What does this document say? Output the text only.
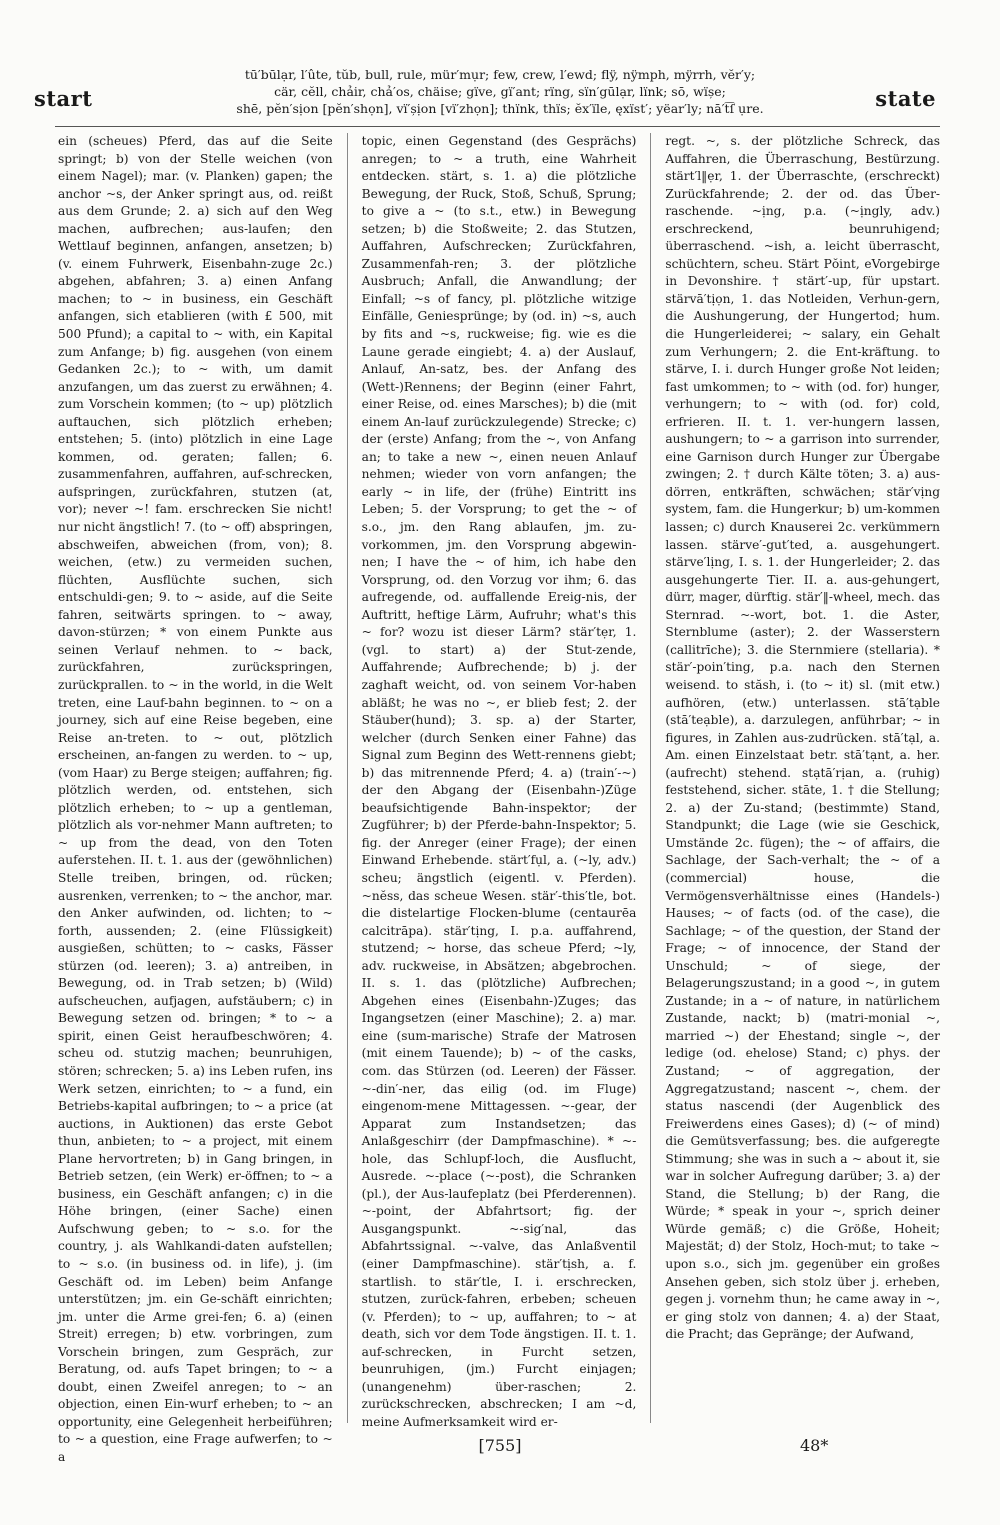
start
tū′būlạr, l′ûte, tŭb, bull, rule, mür′mụr; few, crew, l′ewd; flÿ, nÿmph, mÿrrh, vĕr′y;
cär, cĕll, chảir, chả′os, chäise; gïve, gï′ant; rïng, sïn′gūlạr, lïnk; sō, wïșe;
shē, pĕn′sịon [pĕn′shọn], vï′șịon [vï′zhọn]; thïnk, thïs; ĕx′ïle, ęxïst′; yëar′ly; nā′t͡ſ ụre.	state

ein (scheues) Pferd, das auf die Seite springt; b) von der Stelle weichen (von einem Nagel); mar. (v. Planken) gapen; the anchor ~s, der Anker springt aus, od. reißt aus dem Grunde; 2. a) sich auf den Weg machen, aufbrechen; aus-laufen; den Wettlauf beginnen, anfangen, ansetzen; b) (v. einem Fuhrwerk, Eisenbahn-zuge 2c.) abgehen, abfahren; 3. a) einen Anfang machen; to ~ in business, ein Geschäft anfangen, sich etablieren (with £ 500, mit 500 Pfund); a capital to ~ with, ein Kapital zum Anfange; b) fig. ausgehen (von einem Gedanken 2c.); to ~ with, um damit anzufangen, um das zuerst zu erwähnen; 4. zum Vorschein kommen; (to ~ up) plötzlich auftauchen, sich plötzlich erheben; entstehen; 5. (into) plötzlich in eine Lage kommen, od. geraten; fallen; 6. zusammenfahren, auffahren, auf-schrecken, aufspringen, zurückfahren, stutzen (at, vor); never ~! fam. erschrecken Sie nicht! nur nicht ängstlich! 7. (to ~ off) abspringen, abschweifen, abweichen (from, von); 8. weichen, (etw.) zu vermeiden suchen, flüchten, Ausflüchte suchen, sich entschuldi-gen; 9. to ~ aside, auf die Seite fahren, seitwärts springen. to ~ away, davon-stürzen; * von einem Punkte aus seinen Verlauf nehmen. to ~ back, zurückfahren, zurückspringen, zurückprallen. to ~ in the world, in die Welt treten, eine Lauf-bahn beginnen. to ~ on a journey, sich auf eine Reise begeben, eine Reise an-treten. to ~ out, plötzlich erscheinen, an-fangen zu werden. to ~ up, (vom Haar) zu Berge steigen; auffahren; fig. plötzlich werden, od. entstehen, sich plötzlich erheben; to ~ up a gentleman, plötzlich als vor-nehmer Mann auftreten; to ~ up from the dead, von den Toten auferstehen. II. t. 1. aus der (gewöhnlichen) Stelle treiben, bringen, od. rücken; ausrenken, verrenken; to ~ the anchor, mar. den Anker aufwinden, od. lichten; to ~ forth, aussenden; 2. (eine Flüssigkeit) ausgießen, schütten; to ~ casks, Fässer stürzen (od. leeren); 3. a) antreiben, in Bewegung, od. in Trab setzen; b) (Wild) aufscheuchen, aufjagen, aufstäubern; c) in Bewegung setzen od. bringen; * to ~ a spirit, einen Geist heraufbeschwören; 4. scheu od. stutzig machen; beunruhigen, stören; schrecken; 5. a) ins Leben rufen, ins Werk setzen, einrichten; to ~ a fund, ein Betriebs-kapital aufbringen; to ~ a price (at auctions, in Auktionen) das erste Gebot thun, anbieten; to ~ a project, mit einem Plane hervortreten; b) in Gang bringen, in Betrieb setzen, (ein Werk) er-öffnen; to ~ a business, ein Geschäft anfangen; c) in die Höhe bringen, (einer Sache) einen Aufschwung geben; to ~ s.o. for the country, j. als Wahlkandi-daten aufstellen; to ~ s.o. (in business od. in life), j. (im Geschäft od. im Leben) beim Anfange unterstützen; jm. ein Ge-schäft einrichten; jm. unter die Arme grei-fen; 6. a) (einen Streit) erregen; b) etw. vorbringen, zum Vorschein bringen, zum Gespräch, zur Beratung, od. aufs Tapet bringen; to ~ a doubt, einen Zweifel anregen; to ~ an objection, einen Ein-wurf erheben; to ~ an opportunity, eine Gelegenheit herbeiführen; to ~ a question, eine Frage aufwerfen; to ~ a

topic, einen Gegenstand (des Gesprächs) anregen; to ~ a truth, eine Wahrheit entdecken. stärt, s. 1. a) die plötzliche Bewegung, der Ruck, Stoß, Schuß, Sprung; to give a ~ (to s.t., etw.) in Bewegung setzen; b) die Stoßweite; 2. das Stutzen, Auffahren, Aufschrecken; Zurückfahren, Zusammenfah-ren; 3. der plötzliche Ausbruch; Anfall, die Anwandlung; der Einfall; ~s of fancy, pl. plötzliche witzige Einfälle, Geniesprünge; by (od. in) ~s, auch by fits and ~s, ruckweise; fig. wie es die Laune gerade eingiebt; 4. a) der Auslauf, Anlauf, An-satz, bes. der Anfang des (Wett-)Rennens; der Beginn (einer Fahrt, einer Reise, od. eines Marsches); b) die (mit einem An-lauf zurückzulegende) Strecke; c) der (erste) Anfang; from the ~, von Anfang an; to take a new ~, einen neuen Anlauf nehmen; wieder von vorn anfangen; the early ~ in life, der (frühe) Eintritt ins Leben; 5. der Vorsprung; to get the ~ of s.o., jm. den Rang ablaufen, jm. zu-vorkommen, jm. den Vorsprung abgewin-nen; I have the ~ of him, ich habe den Vorsprung, od. den Vorzug vor ihm; 6. das aufregende, od. auffallende Ereig-nis, der Auftritt, heftige Lärm, Aufruhr; what's this ~ for? wozu ist dieser Lärm? stär′tẹr, 1. (vgl. to start) a) der Stut-zende, Auffahrende; Aufbrechende; b) j. der zaghaft weicht, od. von seinem Vor-haben abläßt; he was no ~, er blieb fest; 2. der Stäuber(hund); 3. sp. a) der Starter, welcher (durch Senken einer Fahne) das Signal zum Beginn des Wett-rennens giebt; b) das mitrennende Pferd; 4. a) (train′-~) der den Abgang der (Eisenbahn-)Züge beaufsichtigende Bahn-inspektor; der Zugführer; b) der Pferde-bahn-Inspektor; 5. fig. der Anreger (einer Frage); der einen Einwand Erhebende. stärt′fụl, a. (~ly, adv.) scheu; ängstlich (eigentl. v. Pferden). ~nĕss, das scheue Wesen. stär′-this′tle, bot. die distelartige Flocken-blume (centaurēa calcitrāpa). stär′tịng, I. p.a. auffahrend, stutzend; ~ horse, das scheue Pferd; ~ly, adv. ruckweise, in Absätzen; abgebrochen. II. s. 1. das (plötzliche) Aufbrechen; Abgehen eines (Eisenbahn-)Zuges; das Ingangsetzen (einer Maschine); 2. a) mar. eine (sum-marische) Strafe der Matrosen (mit einem Tauende); b) ~ of the casks, com. das Stürzen (od. Leeren) der Fässer. ~-din′-ner, das eilig (od. im Fluge) eingenom-mene Mittagessen. ~-gear, der Apparat zum Instandsetzen; das Anlaßgeschirr (der Dampfmaschine). * ~-hole, das Schlupf-loch, die Ausflucht, Ausrede. ~-place (~-post), die Schranken (pl.), der Aus-laufeplatz (bei Pferderennen). ~-point, der Abfahrtsort; fig. der Ausgangspunkt. ~-sig′nal, das Abfahrtssignal. ~-valve, das Anlaßventil (einer Dampfmaschine). stär′tịsh, a. f. startlish. to stär′tle, I. i. erschrecken, stutzen, zurück-fahren, erbeben; scheuen (v. Pferden); to ~ up, auffahren; to ~ at death, sich vor dem Tode ängstigen. II. t. 1. auf-schrecken, in Furcht setzen, beunruhigen, (jm.) Furcht einjagen; (unangenehm) über-raschen; 2. zurückschrecken, abschrecken; I am ~d, meine Aufmerksamkeit wird er-

regt. ~, s. der plötzliche Schreck, das Auffahren, die Überraschung, Bestürzung. stärt′l‖ẹr, 1. der Überraschte, (erschreckt) Zurückfahrende; 2. der od. das Über-raschende. ~ịng, p.a. (~ịngly, adv.) erschreckend, beunruhigend; überraschend. ~ish, a. leicht überrascht, schüchtern, scheu. Stärt Pŏint, eVorgebirge in Devonshire. † stärt′-up, für upstart. stärvā′tịọn, 1. das Notleiden, Verhun-gern, die Aushungerung, der Hungertod; hum. die Hungerleiderei; ~ salary, ein Gehalt zum Verhungern; 2. die Ent-kräftung. to stärve, I. i. durch Hunger große Not leiden; fast umkommen; to ~ with (od. for) hunger, verhungern; to ~ with (od. for) cold, erfrieren. II. t. 1. ver-hungern lassen, aushungern; to ~ a garrison into surrender, eine Garnison durch Hunger zur Übergabe zwingen; 2. † durch Kälte töten; 3. a) aus-dörren, entkräften, schwächen; stär′vịng system, fam. die Hungerkur; b) um-kommen lassen; c) durch Knauserei 2c. verkümmern lassen. stärve′-gut′ted, a. ausgehungert. stärve′lịng, I. s. 1. der Hungerleider; 2. das ausgehungerte Tier. II. a. aus-gehungert, dürr, mager, dürftig. stär′‖-wheel, mech. das Sternrad. ~-wort, bot. 1. die Aster, Sternblume (aster); 2. der Wasserstern (callitrīche); 3. die Sternmiere (stellaria). * stär′-poin′ting, p.a. nach den Sternen weisend. to stăsh, i. (to ~ it) sl. (mit etw.) aufhören, (etw.) unterlassen. stā′tạble (stā′teạble), a. darzulegen, anführbar; ~ in figures, in Zahlen aus-zudrücken. stā′tạl, a. Am. einen Einzelstaat betr. stā′tạnt, a. her. (aufrecht) stehend. stạtā′rịan, a. (ruhig) feststehend, sicher. stāte, 1. † die Stellung; 2. a) der Zu-stand; (bestimmte) Stand, Standpunkt; die Lage (wie sie Geschick, Umstände 2c. fügen); the ~ of affairs, die Sachlage, der Sach-verhalt; the ~ of a (commercial) house, die Vermögensverhältnisse eines (Handels-) Hauses; ~ of facts (od. of the case), die Sachlage; ~ of the question, der Stand der Frage; ~ of innocence, der Stand der Unschuld; ~ of siege, der Belagerungszustand; in a good ~, in gutem Zustande; in a ~ of nature, in natürlichem Zustande, nackt; b) (matri-monial ~, married ~) der Ehestand; single ~, der ledige (od. ehelose) Stand; c) phys. der Zustand; ~ of aggregation, der Aggregatzustand; nascent ~, chem. der status nascendi (der Augenblick des Freiwerdens eines Gases); d) (~ of mind) die Gemütsverfassung; bes. die aufgeregte Stimmung; she was in such a ~ about it, sie war in solcher Aufregung darüber; 3. a) der Stand, die Stellung; b) der Rang, die Würde; * speak in your ~, sprich deiner Würde gemäß; c) die Größe, Hoheit; Majestät; d) der Stolz, Hoch-mut; to take ~ upon s.o., sich jm. gegenüber ein großes Ansehen geben, sich stolz über j. erheben, gegen j. vornehm thun; he came away in ~, er ging stolz von dannen; 4. a) der Staat, die Pracht; das Gepränge; der Aufwand,

[755]	48*
